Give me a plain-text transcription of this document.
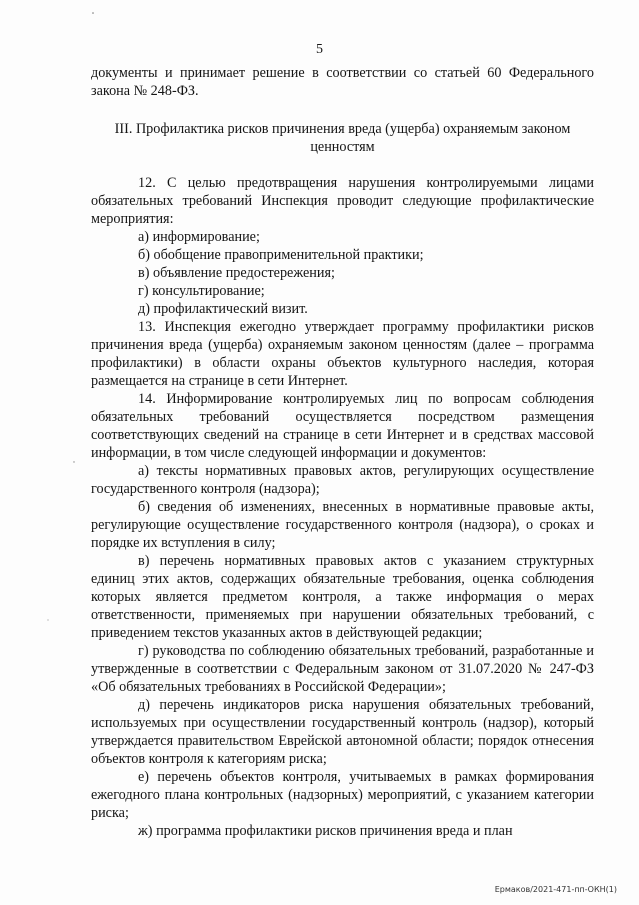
5

документы и принимает решение в соответствии со статьей 60 Федерального закона № 248-ФЗ.

III. Профилактика рисков причинения вреда (ущерба) охраняемым законом ценностям

12. С целью предотвращения нарушения контролируемыми лицами обязательных требований Инспекция проводит следующие профилактические мероприятия:

а) информирование;

б) обобщение правоприменительной практики;

в) объявление предостережения;

г) консультирование;

д) профилактический визит.

13. Инспекция ежегодно утверждает программу профилактики рисков причинения вреда (ущерба) охраняемым законом ценностям (далее – программа профилактики) в области охраны объектов культурного наследия, которая размещается на странице в сети Интернет.

14. Информирование контролируемых лиц по вопросам соблюдения обязательных требований осуществляется посредством размещения соответствующих сведений на странице в сети Интернет и в средствах массовой информации, в том числе следующей информации и документов:

а) тексты нормативных правовых актов, регулирующих осуществление государственного контроля (надзора);

б) сведения об изменениях, внесенных в нормативные правовые акты, регулирующие осуществление государственного контроля (надзора), о сроках и порядке их вступления в силу;

в) перечень нормативных правовых актов с указанием структурных единиц этих актов, содержащих обязательные требования, оценка соблюдения которых является предметом контроля, а также информация о мерах ответственности, применяемых при нарушении обязательных требований, с приведением текстов указанных актов в действующей редакции;

г) руководства по соблюдению обязательных требований, разработанные и утвержденные в соответствии с Федеральным законом от 31.07.2020 № 247-ФЗ «Об обязательных требованиях в Российской Федерации»;

д) перечень индикаторов риска нарушения обязательных требований, используемых при осуществлении государственный контроль (надзор), который утверждается правительством Еврейской автономной области; порядок отнесения объектов контроля к категориям риска;

е) перечень объектов контроля, учитываемых в рамках формирования ежегодного плана контрольных (надзорных) мероприятий, с указанием категории риска;

ж) программа профилактики рисков причинения вреда и план

Ермаков/2021-471-пп-ОКН(1)
